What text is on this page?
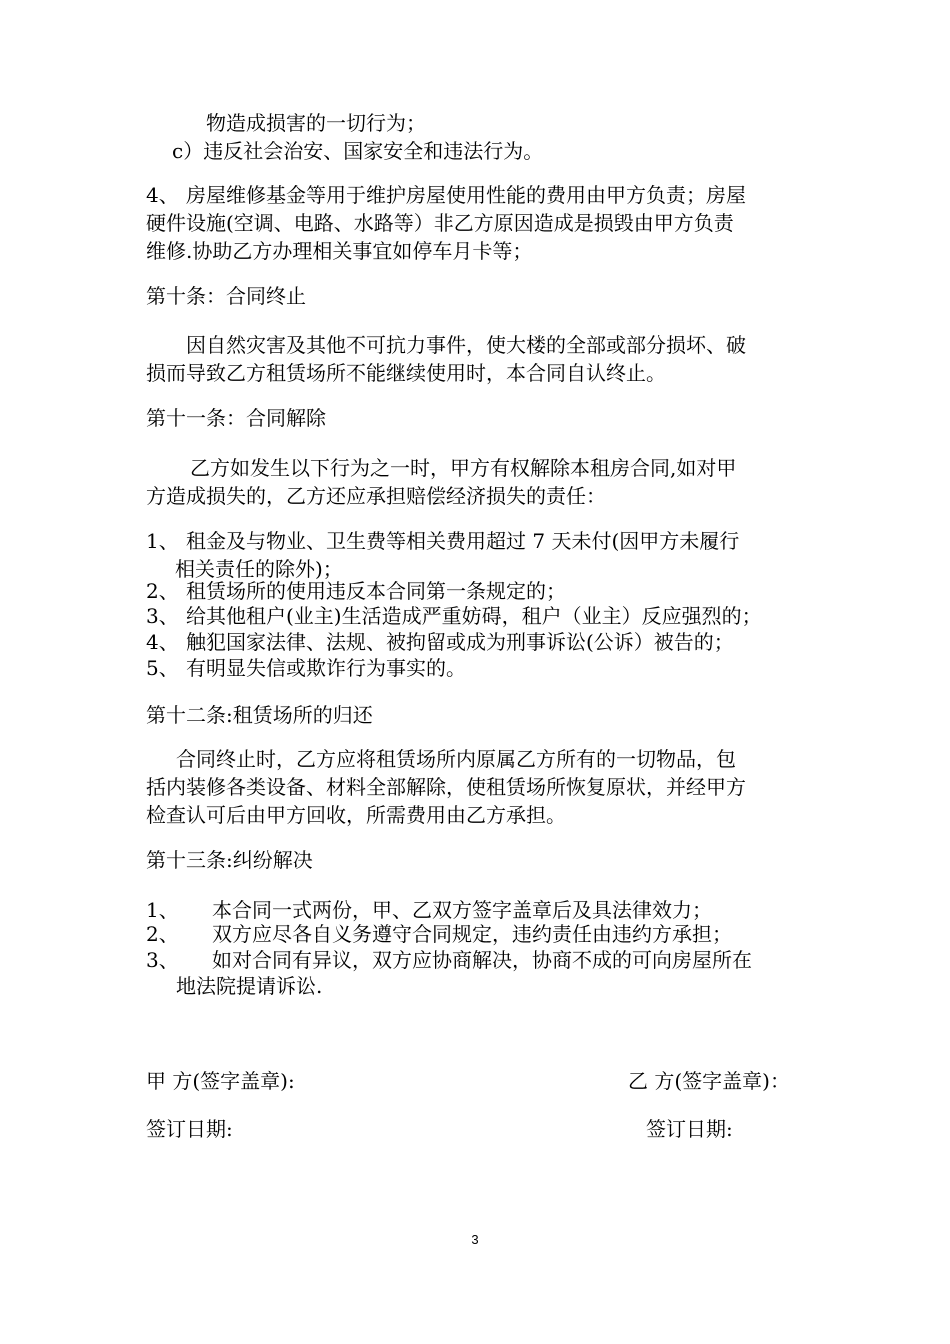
物造成损害的一切行为；
c）违反社会治安、国家安全和违法行为。
4、 房屋维修基金等用于维护房屋使用性能的费用由甲方负责；房屋
硬件设施(空调、电路、水路等）非乙方原因造成是损毁由甲方负责
维修.协助乙方办理相关事宜如停车月卡等；
第十条：合同终止
因自然灾害及其他不可抗力事件，使大楼的全部或部分损坏、破
损而导致乙方租赁场所不能继续使用时，本合同自认终止。
第十一条：合同解除
乙方如发生以下行为之一时，甲方有权解除本租房合同,如对甲
方造成损失的，乙方还应承担赔偿经济损失的责任：
1、 租金及与物业、卫生费等相关费用超过 7 天未付(因甲方未履行
相关责任的除外)；
2、 租赁场所的使用违反本合同第一条规定的；
3、 给其他租户(业主)生活造成严重妨碍，租户（业主）反应强烈的；
4、 触犯国家法律、法规、被拘留或成为刑事诉讼(公诉）被告的；
5、 有明显失信或欺诈行为事实的。
第十二条:租赁场所的归还
合同终止时，乙方应将租赁场所内原属乙方所有的一切物品，包
括内装修各类设备、材料全部解除，使租赁场所恢复原状，并经甲方
检查认可后由甲方回收，所需费用由乙方承担。
第十三条:纠纷解决
1、 本合同一式两份，甲、乙双方签字盖章后及具法律效力；
2、 双方应尽各自义务遵守合同规定，违约责任由违约方承担；
3、 如对合同有异议，双方应协商解决，协商不成的可向房屋所在
地法院提请诉讼.
甲 方(签字盖章):	乙 方(签字盖章)：
签订日期:	签订日期:
3
